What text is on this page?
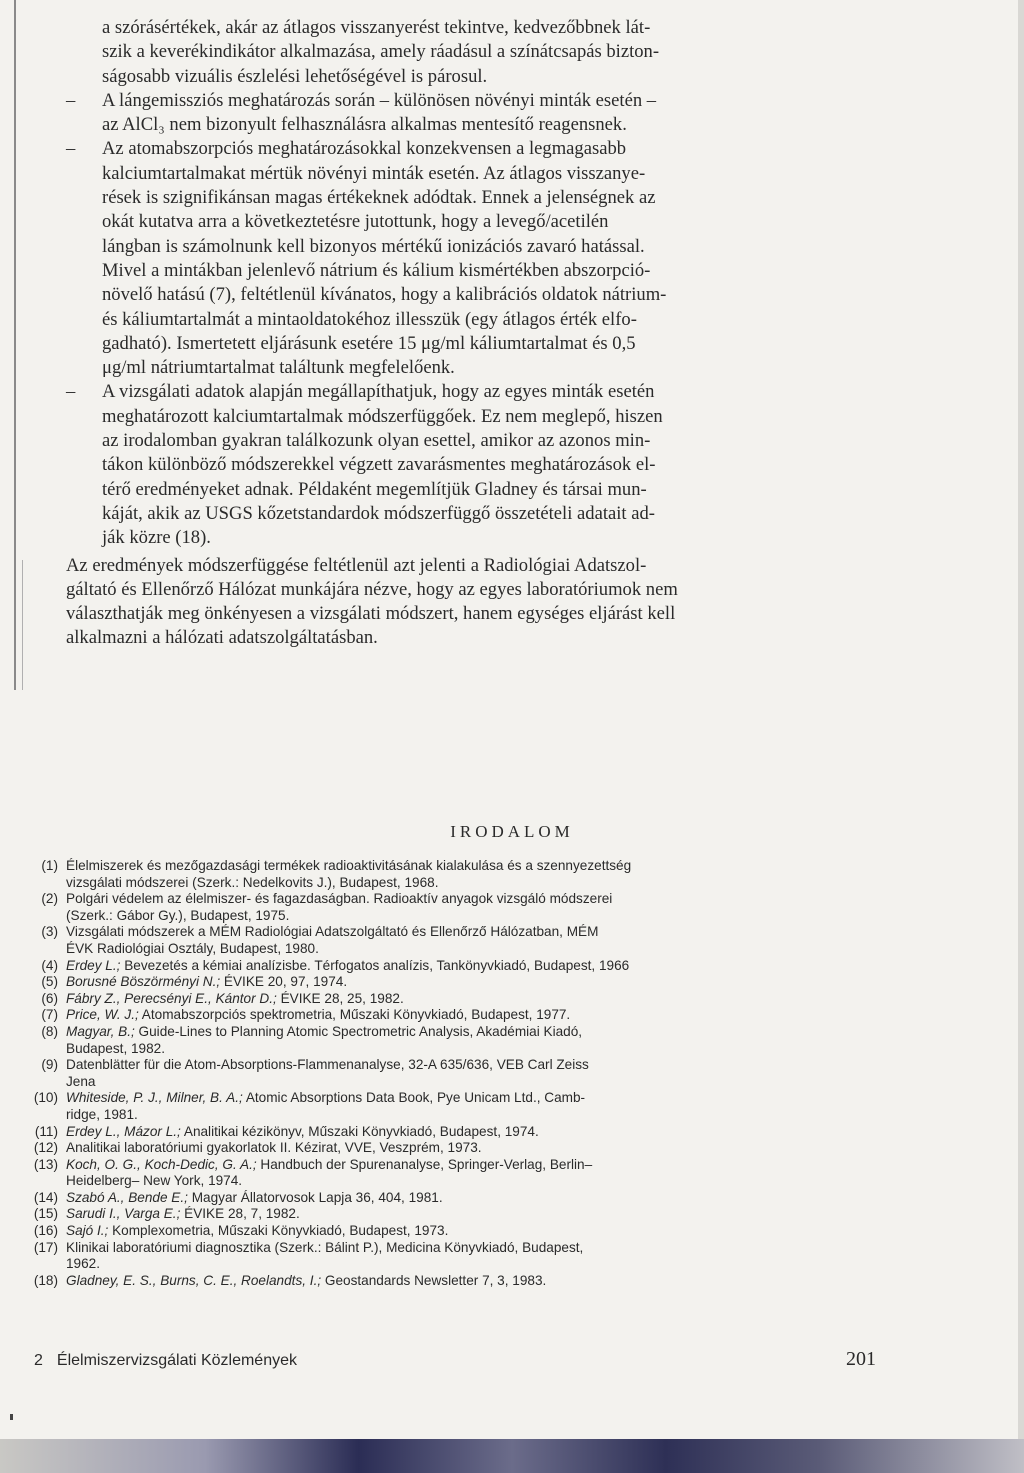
a szórásértékek, akár az átlagos visszanyerést tekintve, kedvezőbbnek lát-

szik a keverékindikátor alkalmazása, amely ráadásul a színátcsapás bizton-

ságosabb vizuális észlelési lehetőségével is párosul.

– A lángemissziós meghatározás során – különösen növényi minták esetén –

az AlCl₃ nem bizonyult felhasználásra alkalmas mentesítő reagensnek.

– Az atomabszorpciós meghatározásokkal konzekvensen a legmagasabb

kalciumtartalmakat mértük növényi minták esetén. Az átlagos visszanye-

rések is szignifikánsan magas értékeknek adódtak. Ennek a jelenségnek az

okát kutatva arra a következtetésre jutottunk, hogy a levegő/acetilén

lángban is számolnunk kell bizonyos mértékű ionizációs zavaró hatással.

Mivel a mintákban jelenlevő nátrium és kálium kismértékben abszorpció-

növelő hatású (7), feltétlenül kívánatos, hogy a kalibrációs oldatok nátrium-

és káliumtartalmát a mintaoldatokéhoz illesszük (egy átlagos érték elfo-

gadható). Ismertetett eljárásunk esetére 15 μg/ml káliumtartalmat és 0,5

μg/ml nátriumtartalmat találtunk megfelelőenk.

– A vizsgálati adatok alapján megállapíthatjuk, hogy az egyes minták esetén

meghatározott kalciumtartalmak módszerfüggőek. Ez nem meglepő, hiszen

az irodalomban gyakran találkozunk olyan esettel, amikor az azonos min-

tákon különböző módszerekkel végzett zavarásmentes meghatározások el-

térő eredményeket adnak. Példaként megemlítjük Gladney és társai mun-

káját, akik az USGS kőzetstandardok módszerfüggő összetételi adatait ad-

ják közre (18).

Az eredmények módszerfüggése feltétlenül azt jelenti a Radiológiai Adatszol-

gáltató és Ellenőrző Hálózat munkájára nézve, hogy az egyes laboratóriumok nem

választhatják meg önkényesen a vizsgálati módszert, hanem egységes eljárást kell

alkalmazni a hálózati adatszolgáltatásban.

IRODALOM
(1) Élelmiszerek és mezőgazdasági termékek radioaktivitásának kialakulása és a szennyezettség
vizsgálati módszerei (Szerk.: Nedelkovits J.), Budapest, 1968.
(2) Polgári védelem az élelmiszer- és fagazdaságban. Radioaktív anyagok vizsgáló módszerei
(Szerk.: Gábor Gy.), Budapest, 1975.
(3) Vizsgálati módszerek a MÉM Radiológiai Adatszolgáltató és Ellenőrző Hálózatban, MÉM
ÉVK Radiológiai Osztály, Budapest, 1980.
(4) Erdey L.; Bevezetés a kémiai analízisbe. Térfogatos analízis, Tankönyvkiadó, Budapest, 1966
(5) Borusné Böszörményi N.; ÉVIKE 20, 97, 1974.
(6) Fábry Z., Perecsényi E., Kántor D.; ÉVIKE 28, 25, 1982.
(7) Price, W. J.; Atomabszorpciós spektrometria, Műszaki Könyvkiadó, Budapest, 1977.
(8) Magyar, B.; Guide-Lines to Planning Atomic Spectrometric Analysis, Akadémiai Kiadó,
Budapest, 1982.
(9) Datenblätter für die Atom-Absorptions-Flammenanalyse, 32-A 635/636, VEB Carl Zeiss
Jena
(10) Whiteside, P. J., Milner, B. A.; Atomic Absorptions Data Book, Pye Unicam Ltd., Camb-
ridge, 1981.
(11) Erdey L., Mázor L.; Analitikai kézikönyv, Műszaki Könyvkiadó, Budapest, 1974.
(12) Analitikai laboratóriumi gyakorlatok II. Kézirat, VVE, Veszprém, 1973.
(13) Koch, O. G., Koch-Dedic, G. A.; Handbuch der Spurenanalyse, Springer-Verlag, Berlin–
Heidelberg– New York, 1974.
(14) Szabó A., Bende E.; Magyar Állatorvosok Lapja 36, 404, 1981.
(15) Sarudi I., Varga E.; ÉVIKE 28, 7, 1982.
(16) Sajó I.; Komplexometria, Műszaki Könyvkiadó, Budapest, 1973.
(17) Klinikai laboratóriumi diagnosztika (Szerk.: Bálint P.), Medicina Könyvkiadó, Budapest,
1962.
(18) Gladney, E. S., Burns, C. E., Roelandts, I.; Geostandards Newsletter 7, 3, 1983.
2 Élelmiszervizsgálati Közlemények	201
